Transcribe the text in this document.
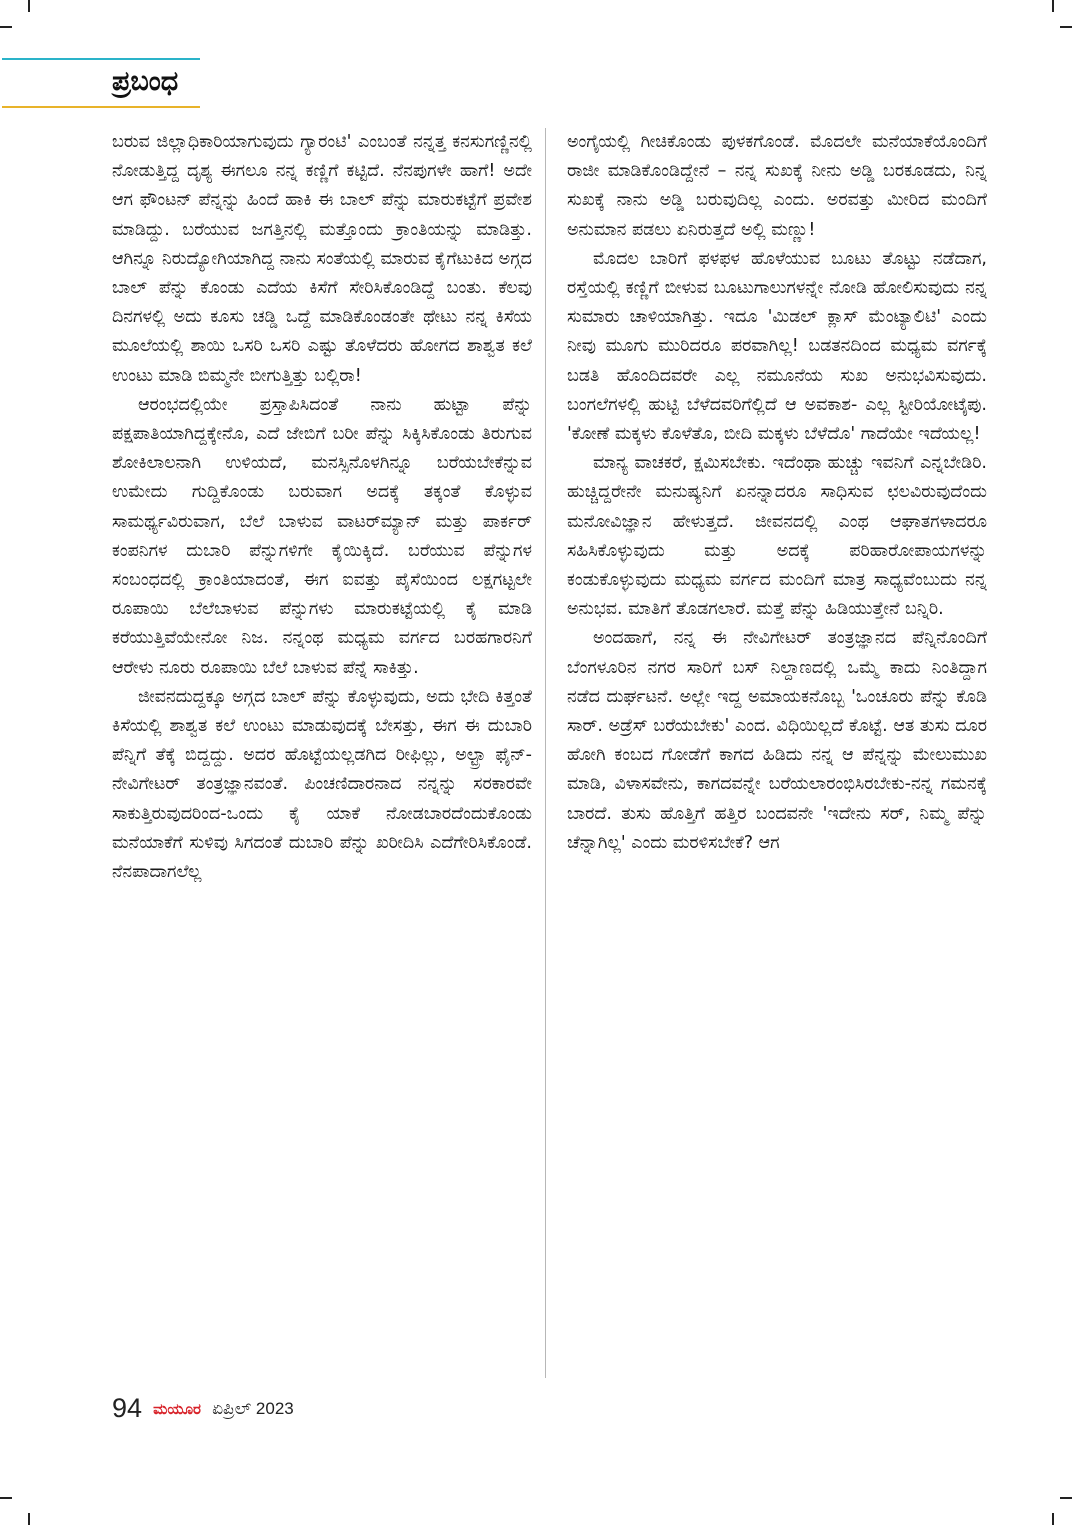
ಪ್ರಬಂಧ

ಬರುವ ಜಿಲ್ಲಾಧಿಕಾರಿಯಾಗುವುದು ಗ್ಯಾರಂಟಿ' ಎಂಬಂತೆ ನನ್ನತ್ತ ಕನಸುಗಣ್ಣಿನಲ್ಲಿ ನೋಡುತ್ತಿದ್ದ ದೃಶ್ಯ ಈಗಲೂ ನನ್ನ ಕಣ್ಣಿಗೆ ಕಟ್ಟಿದೆ. ನೆನಪುಗಳೇ ಹಾಗೆ! ಅದೇ ಆಗ ಫೌಂಟನ್ ಪೆನ್ನನ್ನು ಹಿಂದೆ ಹಾಕಿ ಈ ಬಾಲ್ ಪೆನ್ನು ಮಾರುಕಟ್ಟೆಗೆ ಪ್ರವೇಶ ಮಾಡಿದ್ದು. ಬರೆಯುವ ಜಗತ್ತಿನಲ್ಲಿ ಮತ್ತೊಂದು ಕ್ರಾಂತಿಯನ್ನು ಮಾಡಿತ್ತು. ಆಗಿನ್ನೂ ನಿರುದ್ಯೋಗಿಯಾಗಿದ್ದ ನಾನು ಸಂತೆಯಲ್ಲಿ ಮಾರುವ ಕೈಗೆಟುಕಿದ ಅಗ್ಗದ ಬಾಲ್ ಪೆನ್ನು ಕೊಂಡು ಎದೆಯ ಕಿಸೆಗೆ ಸೇರಿಸಿಕೊಂಡಿದ್ದೆ ಬಂತು. ಕೆಲವು ದಿನಗಳಲ್ಲಿ ಅದು ಕೂಸು ಚಡ್ಡಿ ಒದ್ದೆ ಮಾಡಿಕೊಂಡಂತೇ ಥೇಟು ನನ್ನ ಕಿಸೆಯ ಮೂಲೆಯಲ್ಲಿ ಶಾಯಿ ಒಸರಿ ಒಸರಿ ಎಷ್ಟು ತೊಳೆದರು ಹೋಗದ ಶಾಶ್ವತ ಕಲೆ ಉಂಟು ಮಾಡಿ ಬಿಮ್ಮನೇ ಬೀಗುತ್ತಿತ್ತು ಬಲ್ಲಿರಾ!

ಆರಂಭದಲ್ಲಿಯೇ ಪ್ರಸ್ತಾಪಿಸಿದಂತೆ ನಾನು ಹುಟ್ಟಾ ಪೆನ್ನು ಪಕ್ಷಪಾತಿಯಾಗಿದ್ದಕ್ಕೇನೊ, ಎದೆ ಜೇಬಿಗೆ ಬರೀ ಪೆನ್ನು ಸಿಕ್ಕಿಸಿಕೊಂಡು ತಿರುಗುವ ಶೋಕಿಲಾಲನಾಗಿ ಉಳಿಯದೆ, ಮನಸ್ಸಿನೊಳಗಿನ್ನೂ ಬರೆಯಬೇಕೆನ್ನುವ ಉಮೇದು ಗುದ್ದಿಕೊಂಡು ಬರುವಾಗ ಅದಕ್ಕೆ ತಕ್ಕಂತೆ ಕೊಳ್ಳುವ ಸಾಮರ್ಥ್ಯವಿರುವಾಗ, ಬೆಲೆ ಬಾಳುವ ವಾಟರ್‌ಮ್ಯಾನ್ ಮತ್ತು ಪಾರ್ಕರ್ ಕಂಪನಿಗಳ ದುಬಾರಿ ಪೆನ್ನುಗಳಿಗೇ ಕೈಯಿಕ್ಕಿದೆ. ಬರೆಯುವ ಪೆನ್ನುಗಳ ಸಂಬಂಧದಲ್ಲಿ ಕ್ರಾಂತಿಯಾದಂತೆ, ಈಗ ಐವತ್ತು ಪೈಸೆಯಿಂದ ಲಕ್ಷಗಟ್ಟಲೇ ರೂಪಾಯಿ ಬೆಲೆಬಾಳುವ ಪೆನ್ನುಗಳು ಮಾರುಕಟ್ಟೆಯಲ್ಲಿ ಕೈ ಮಾಡಿ ಕರೆಯುತ್ತಿವೆಯೇನೋ ನಿಜ. ನನ್ನಂಥ ಮಧ್ಯಮ ವರ್ಗದ ಬರಹಗಾರನಿಗೆ ಆರೇಳು ನೂರು ರೂಪಾಯಿ ಬೆಲೆ ಬಾಳುವ ಪೆನ್ನೆ ಸಾಕಿತ್ತು.

ಜೀವನದುದ್ದಕ್ಕೂ ಅಗ್ಗದ ಬಾಲ್ ಪೆನ್ನು ಕೊಳ್ಳುವುದು, ಅದು ಭೇದಿ ಕಿತ್ತಂತೆ ಕಿಸೆಯಲ್ಲಿ ಶಾಶ್ವತ ಕಲೆ ಉಂಟು ಮಾಡುವುದಕ್ಕೆ ಬೇಸತ್ತು, ಈಗ ಈ ದುಬಾರಿ ಪೆನ್ನಿಗೆ ತೆಕ್ಕೆ ಬಿದ್ದದ್ದು. ಅದರ ಹೊಟ್ಟೆಯಲ್ಲಡಗಿದ ರೀಫಿಲ್ಲು, ಅಲ್ಟ್ರಾ ಫೈನ್-ನೇವಿಗೇಟರ್ ತಂತ್ರಜ್ಞಾನವಂತೆ. ಪಿಂಚಣಿದಾರನಾದ ನನ್ನನ್ನು ಸರಕಾರವೇ ಸಾಕುತ್ತಿರುವುದರಿಂದ-ಒಂದು ಕೈ ಯಾಕೆ ನೋಡಬಾರದೆಂದುಕೊಂಡು ಮನೆಯಾಕೆಗೆ ಸುಳಿವು ಸಿಗದಂತೆ ದುಬಾರಿ ಪೆನ್ನು ಖರೀದಿಸಿ ಎದೆಗೇರಿಸಿಕೊಂಡೆ. ನೆನಪಾದಾಗಲೆಲ್ಲ

ಅಂಗೈಯಲ್ಲಿ ಗೀಚಿಕೊಂಡು ಪುಳಕಗೊಂಡೆ. ಮೊದಲೇ ಮನೆಯಾಕೆಯೊಂದಿಗೆ ರಾಜೀ ಮಾಡಿಕೊಂಡಿದ್ದೇನೆ – ನನ್ನ ಸುಖಕ್ಕೆ ನೀನು ಅಡ್ಡಿ ಬರಕೂಡದು, ನಿನ್ನ ಸುಖಕ್ಕೆ ನಾನು ಅಡ್ಡಿ ಬರುವುದಿಲ್ಲ ಎಂದು. ಅರವತ್ತು ಮೀರಿದ ಮಂದಿಗೆ ಅನುಮಾನ ಪಡಲು ಏನಿರುತ್ತದೆ ಅಲ್ಲಿ ಮಣ್ಣು!

ಮೊದಲ ಬಾರಿಗೆ ಫಳಫಳ ಹೊಳೆಯುವ ಬೂಟು ತೊಟ್ಟು ನಡೆದಾಗ, ರಸ್ತೆಯಲ್ಲಿ ಕಣ್ಣಿಗೆ ಬೀಳುವ ಬೂಟುಗಾಲುಗಳನ್ನೇ ನೋಡಿ ಹೋಲಿಸುವುದು ನನ್ನ ಸುಮಾರು ಚಾಳಿಯಾಗಿತ್ತು. ಇದೂ 'ಮಿಡಲ್ ಕ್ಲಾಸ್ ಮೆಂಟ್ಯಾಲಿಟಿ' ಎಂದು ನೀವು ಮೂಗು ಮುರಿದರೂ ಪರವಾಗಿಲ್ಲ! ಬಡತನದಿಂದ ಮಧ್ಯಮ ವರ್ಗಕ್ಕೆ ಬಡತಿ ಹೊಂದಿದವರೇ ಎಲ್ಲ ನಮೂನೆಯ ಸುಖ ಅನುಭವಿಸುವುದು. ಬಂಗಲೆಗಳಲ್ಲಿ ಹುಟ್ಟಿ ಬೆಳೆದವರಿಗೆಲ್ಲಿದೆ ಆ ಅವಕಾಶ- ಎಲ್ಲ ಸ್ಟೀರಿಯೋಟೈಪು. 'ಕೋಣೆ ಮಕ್ಕಳು ಕೊಳೆತೊ, ಬೀದಿ ಮಕ್ಕಳು ಬೆಳೆದೊ' ಗಾದೆಯೇ ಇದೆಯಲ್ಲ!

ಮಾನ್ಯ ವಾಚಕರೆ, ಕ್ಷಮಿಸಬೇಕು. ಇದೆಂಥಾ ಹುಚ್ಚು ಇವನಿಗೆ ಎನ್ನಬೇಡಿರಿ. ಹುಚ್ಚಿದ್ದರೇನೇ ಮನುಷ್ಯನಿಗೆ ಏನನ್ನಾದರೂ ಸಾಧಿಸುವ ಛಲವಿರುವುದೆಂದು ಮನೋವಿಜ್ಞಾನ ಹೇಳುತ್ತದೆ. ಜೀವನದಲ್ಲಿ ಎಂಥ ಆಘಾತಗಳಾದರೂ ಸಹಿಸಿಕೊಳ್ಳುವುದು ಮತ್ತು ಅದಕ್ಕೆ ಪರಿಹಾರೋಪಾಯಗಳನ್ನು ಕಂಡುಕೊಳ್ಳುವುದು ಮಧ್ಯಮ ವರ್ಗದ ಮಂದಿಗೆ ಮಾತ್ರ ಸಾಧ್ಯವೆಂಬುದು ನನ್ನ ಅನುಭವ. ಮಾತಿಗೆ ತೊಡಗಲಾರೆ. ಮತ್ತೆ ಪೆನ್ನು ಹಿಡಿಯುತ್ತೇನೆ ಬನ್ನಿರಿ.

ಅಂದಹಾಗೆ, ನನ್ನ ಈ ನೇವಿಗೇಟರ್ ತಂತ್ರಜ್ಞಾನದ ಪೆನ್ನಿನೊಂದಿಗೆ ಬೆಂಗಳೂರಿನ ನಗರ ಸಾರಿಗೆ ಬಸ್ ನಿಲ್ದಾಣದಲ್ಲಿ ಒಮ್ಮೆ ಕಾದು ನಿಂತಿದ್ದಾಗ ನಡೆದ ದುರ್ಘಟನೆ. ಅಲ್ಲೇ ಇದ್ದ ಅಮಾಯಕನೊಬ್ಬ 'ಒಂಚೂರು ಪೆನ್ನು ಕೊಡಿ ಸಾರ್. ಅಡ್ರೆಸ್ ಬರೆಯಬೇಕು' ಎಂದ. ವಿಧಿಯಿಲ್ಲದೆ ಕೊಟ್ಟೆ. ಆತ ತುಸು ದೂರ ಹೋಗಿ ಕಂಬದ ಗೋಡೆಗೆ ಕಾಗದ ಹಿಡಿದು ನನ್ನ ಆ ಪೆನ್ನನ್ನು ಮೇಲುಮುಖ ಮಾಡಿ, ವಿಳಾಸವೇನು, ಕಾಗದವನ್ನೇ ಬರೆಯಲಾರಂಭಿಸಿರಬೇಕು-ನನ್ನ ಗಮನಕ್ಕೆ ಬಾರದೆ. ತುಸು ಹೊತ್ತಿಗೆ ಹತ್ತಿರ ಬಂದವನೇ 'ಇದೇನು ಸರ್, ನಿಮ್ಮ ಪೆನ್ನು ಚೆನ್ನಾಗಿಲ್ಲ' ಎಂದು ಮರಳಿಸಬೇಕೆ? ಆಗ

94 ಮಯೂರ ಏಪ್ರಿಲ್ 2023
